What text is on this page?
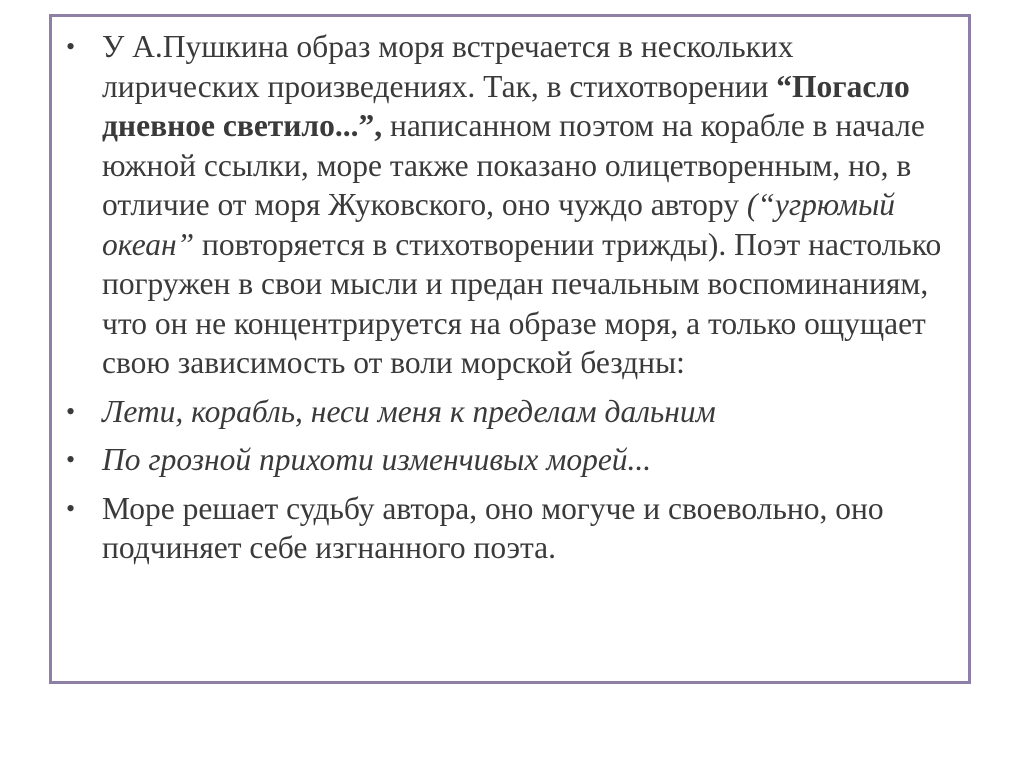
• У А.Пушкина образ моря встречается в нескольких лирических произведениях. Так, в стихотворении “Погасло дневное светило...”, написанном поэтом на корабле в начале южной ссылки, море также показано олицетворенным, но, в отличие от моря Жуковского, оно чуждо автору (“угрюмый океан” повторяется в стихотворении трижды). Поэт настолько погружен в свои мысли и предан печальным воспоминаниям, что он не концентрируется на образе моря, а только ощущает свою зависимость от воли морской бездны:
• Лети, корабль, неси меня к пределам дальним
• По грозной прихоти изменчивых морей...
• Море решает судьбу автора, оно могуче и своевольно, оно подчиняет себе изгнанного поэта.
